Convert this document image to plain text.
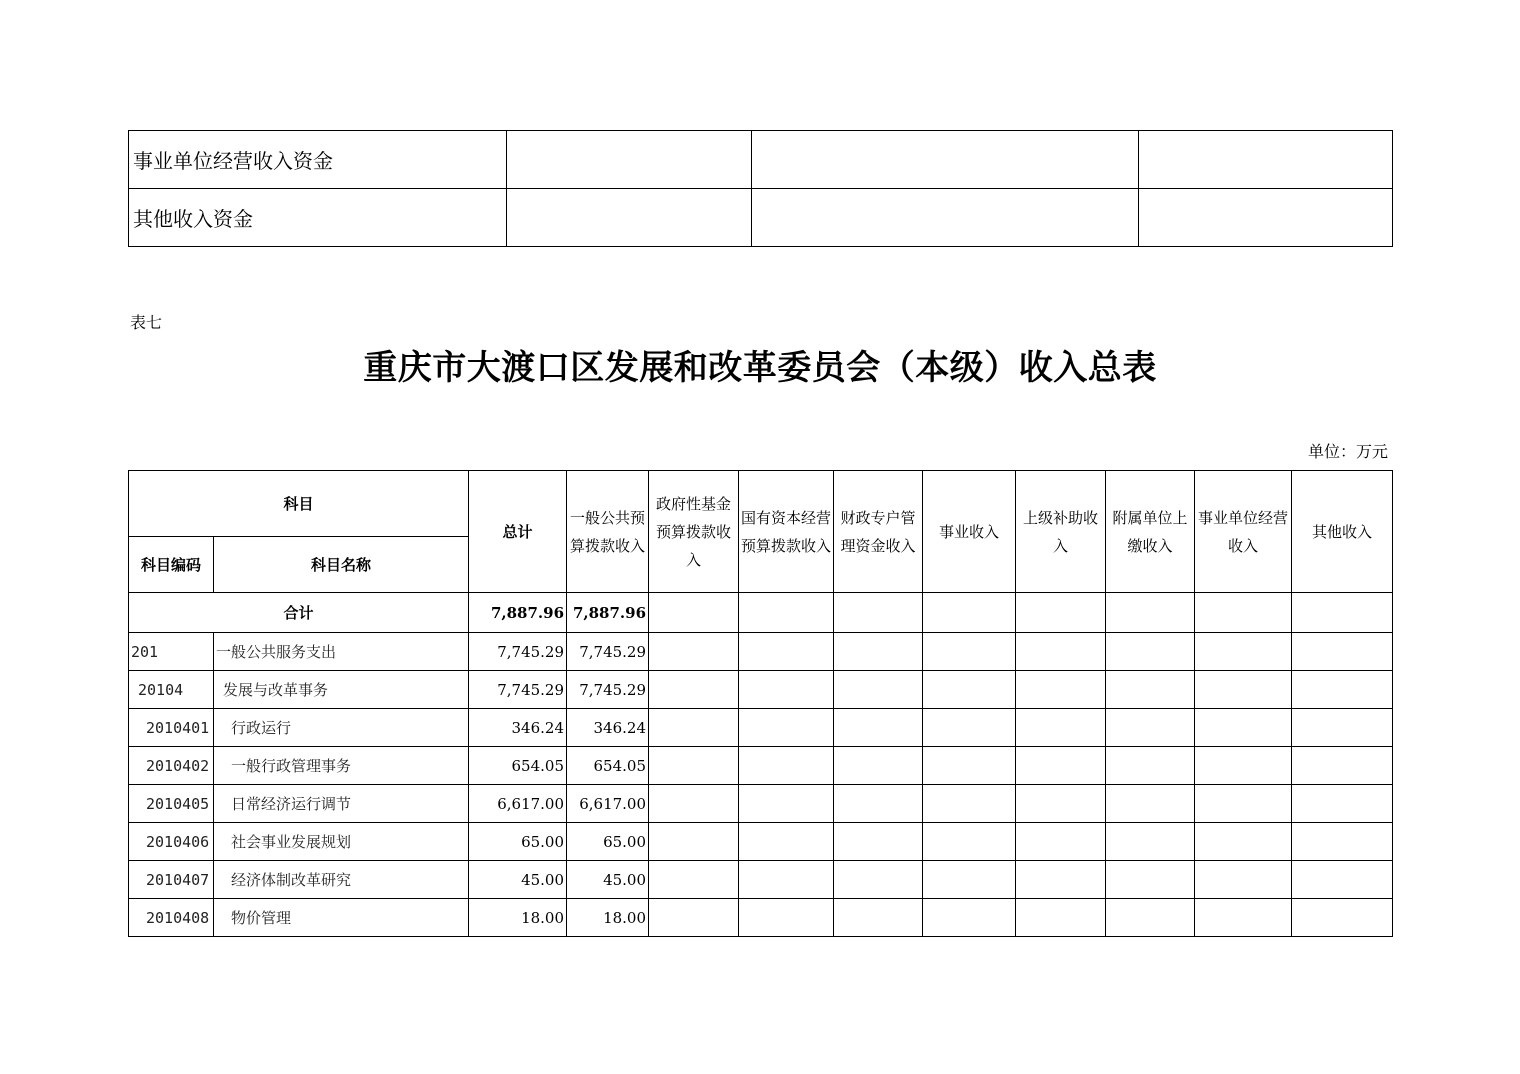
事业单位经营收入资金			
其他收入资金			
表七
重庆市大渡口区发展和改革委员会（本级）收入总表
单位：万元
科目		总计	一般公共预算拨款收入	政府性基金预算拨款收入	国有资本经营预算拨款收入	财政专户管理资金收入	事业收入	上级补助收入	附属单位上缴收入	事业单位经营收入	其他收入
科目编码	科目名称										
合计		7,887.96	7,887.96								
201	一般公共服务支出	7,745.29	7,745.29								
20104	发展与改革事务	7,745.29	7,745.29								
2010401	行政运行	346.24	346.24								
2010402	一般行政管理事务	654.05	654.05								
2010405	日常经济运行调节	6,617.00	6,617.00								
2010406	社会事业发展规划	65.00	65.00								
2010407	经济体制改革研究	45.00	45.00								
2010408	物价管理	18.00	18.00								
